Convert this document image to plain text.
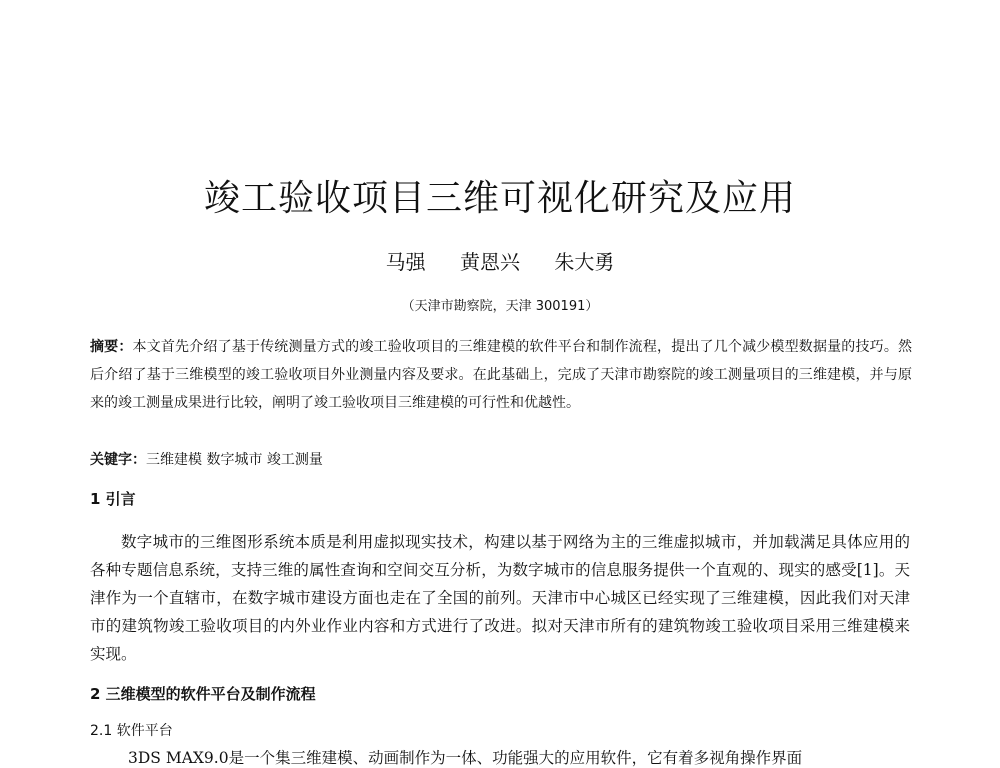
竣工验收项目三维可视化研究及应用
马强 黄恩兴 朱大勇
（天津市勘察院，天津 300191）
摘要：本文首先介绍了基于传统测量方式的竣工验收项目的三维建模的软件平台和制作流程，提出了几个减少模型数据量的技巧。然后介绍了基于三维模型的竣工验收项目外业测量内容及要求。在此基础上，完成了天津市勘察院的竣工测量项目的三维建模，并与原来的竣工测量成果进行比较，阐明了竣工验收项目三维建模的可行性和优越性。
关键字：三维建模 数字城市 竣工测量
1 引言
数字城市的三维图形系统本质是利用虚拟现实技术，构建以基于网络为主的三维虚拟城市，并加载满足具体应用的各种专题信息系统，支持三维的属性查询和空间交互分析，为数字城市的信息服务提供一个直观的、现实的感受[1]。天津作为一个直辖市，在数字城市建设方面也走在了全国的前列。天津市中心城区已经实现了三维建模，因此我们对天津市的建筑物竣工验收项目的内外业作业内容和方式进行了改进。拟对天津市所有的建筑物竣工验收项目采用三维建模来实现。
2 三维模型的软件平台及制作流程
2.1 软件平台
3DS MAX9.0是一个集三维建模、动画制作为一体、功能强大的应用软件，它有着多视角操作界面
